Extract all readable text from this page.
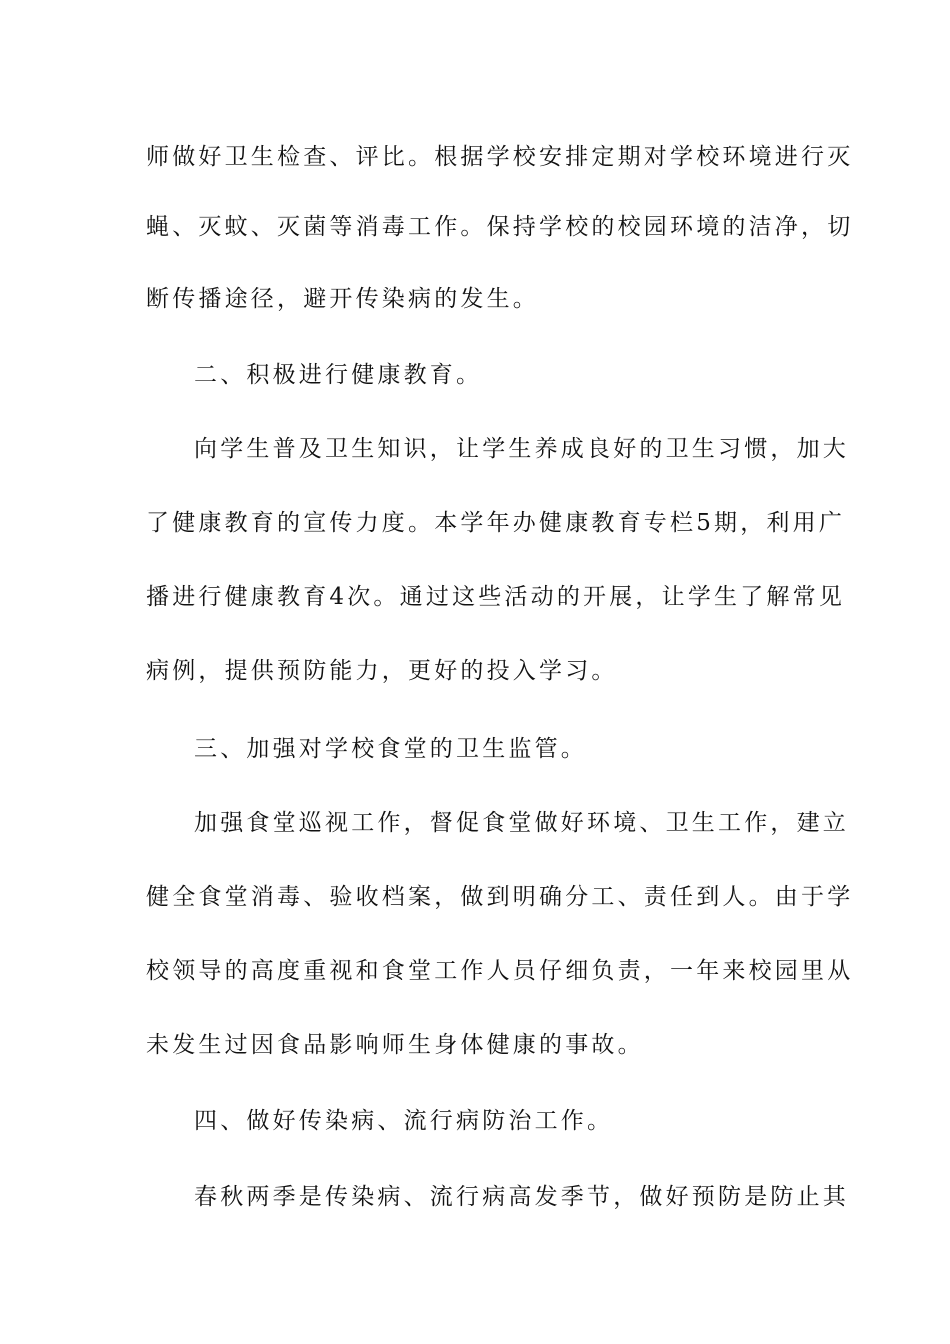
师做好卫生检查、评比。根据学校安排定期对学校环境进行灭
蝇、灭蚊、灭菌等消毒工作。保持学校的校园环境的洁净，切
断传播途径，避开传染病的发生。
二、积极进行健康教育。
向学生普及卫生知识，让学生养成良好的卫生习惯，加大
了健康教育的宣传力度。本学年办健康教育专栏5期，利用广
播进行健康教育4次。通过这些活动的开展，让学生了解常见
病例，提供预防能力，更好的投入学习。
三、加强对学校食堂的卫生监管。
加强食堂巡视工作，督促食堂做好环境、卫生工作，建立
健全食堂消毒、验收档案，做到明确分工、责任到人。由于学
校领导的高度重视和食堂工作人员仔细负责，一年来校园里从
未发生过因食品影响师生身体健康的事故。
四、做好传染病、流行病防治工作。
春秋两季是传染病、流行病高发季节，做好预防是防止其
